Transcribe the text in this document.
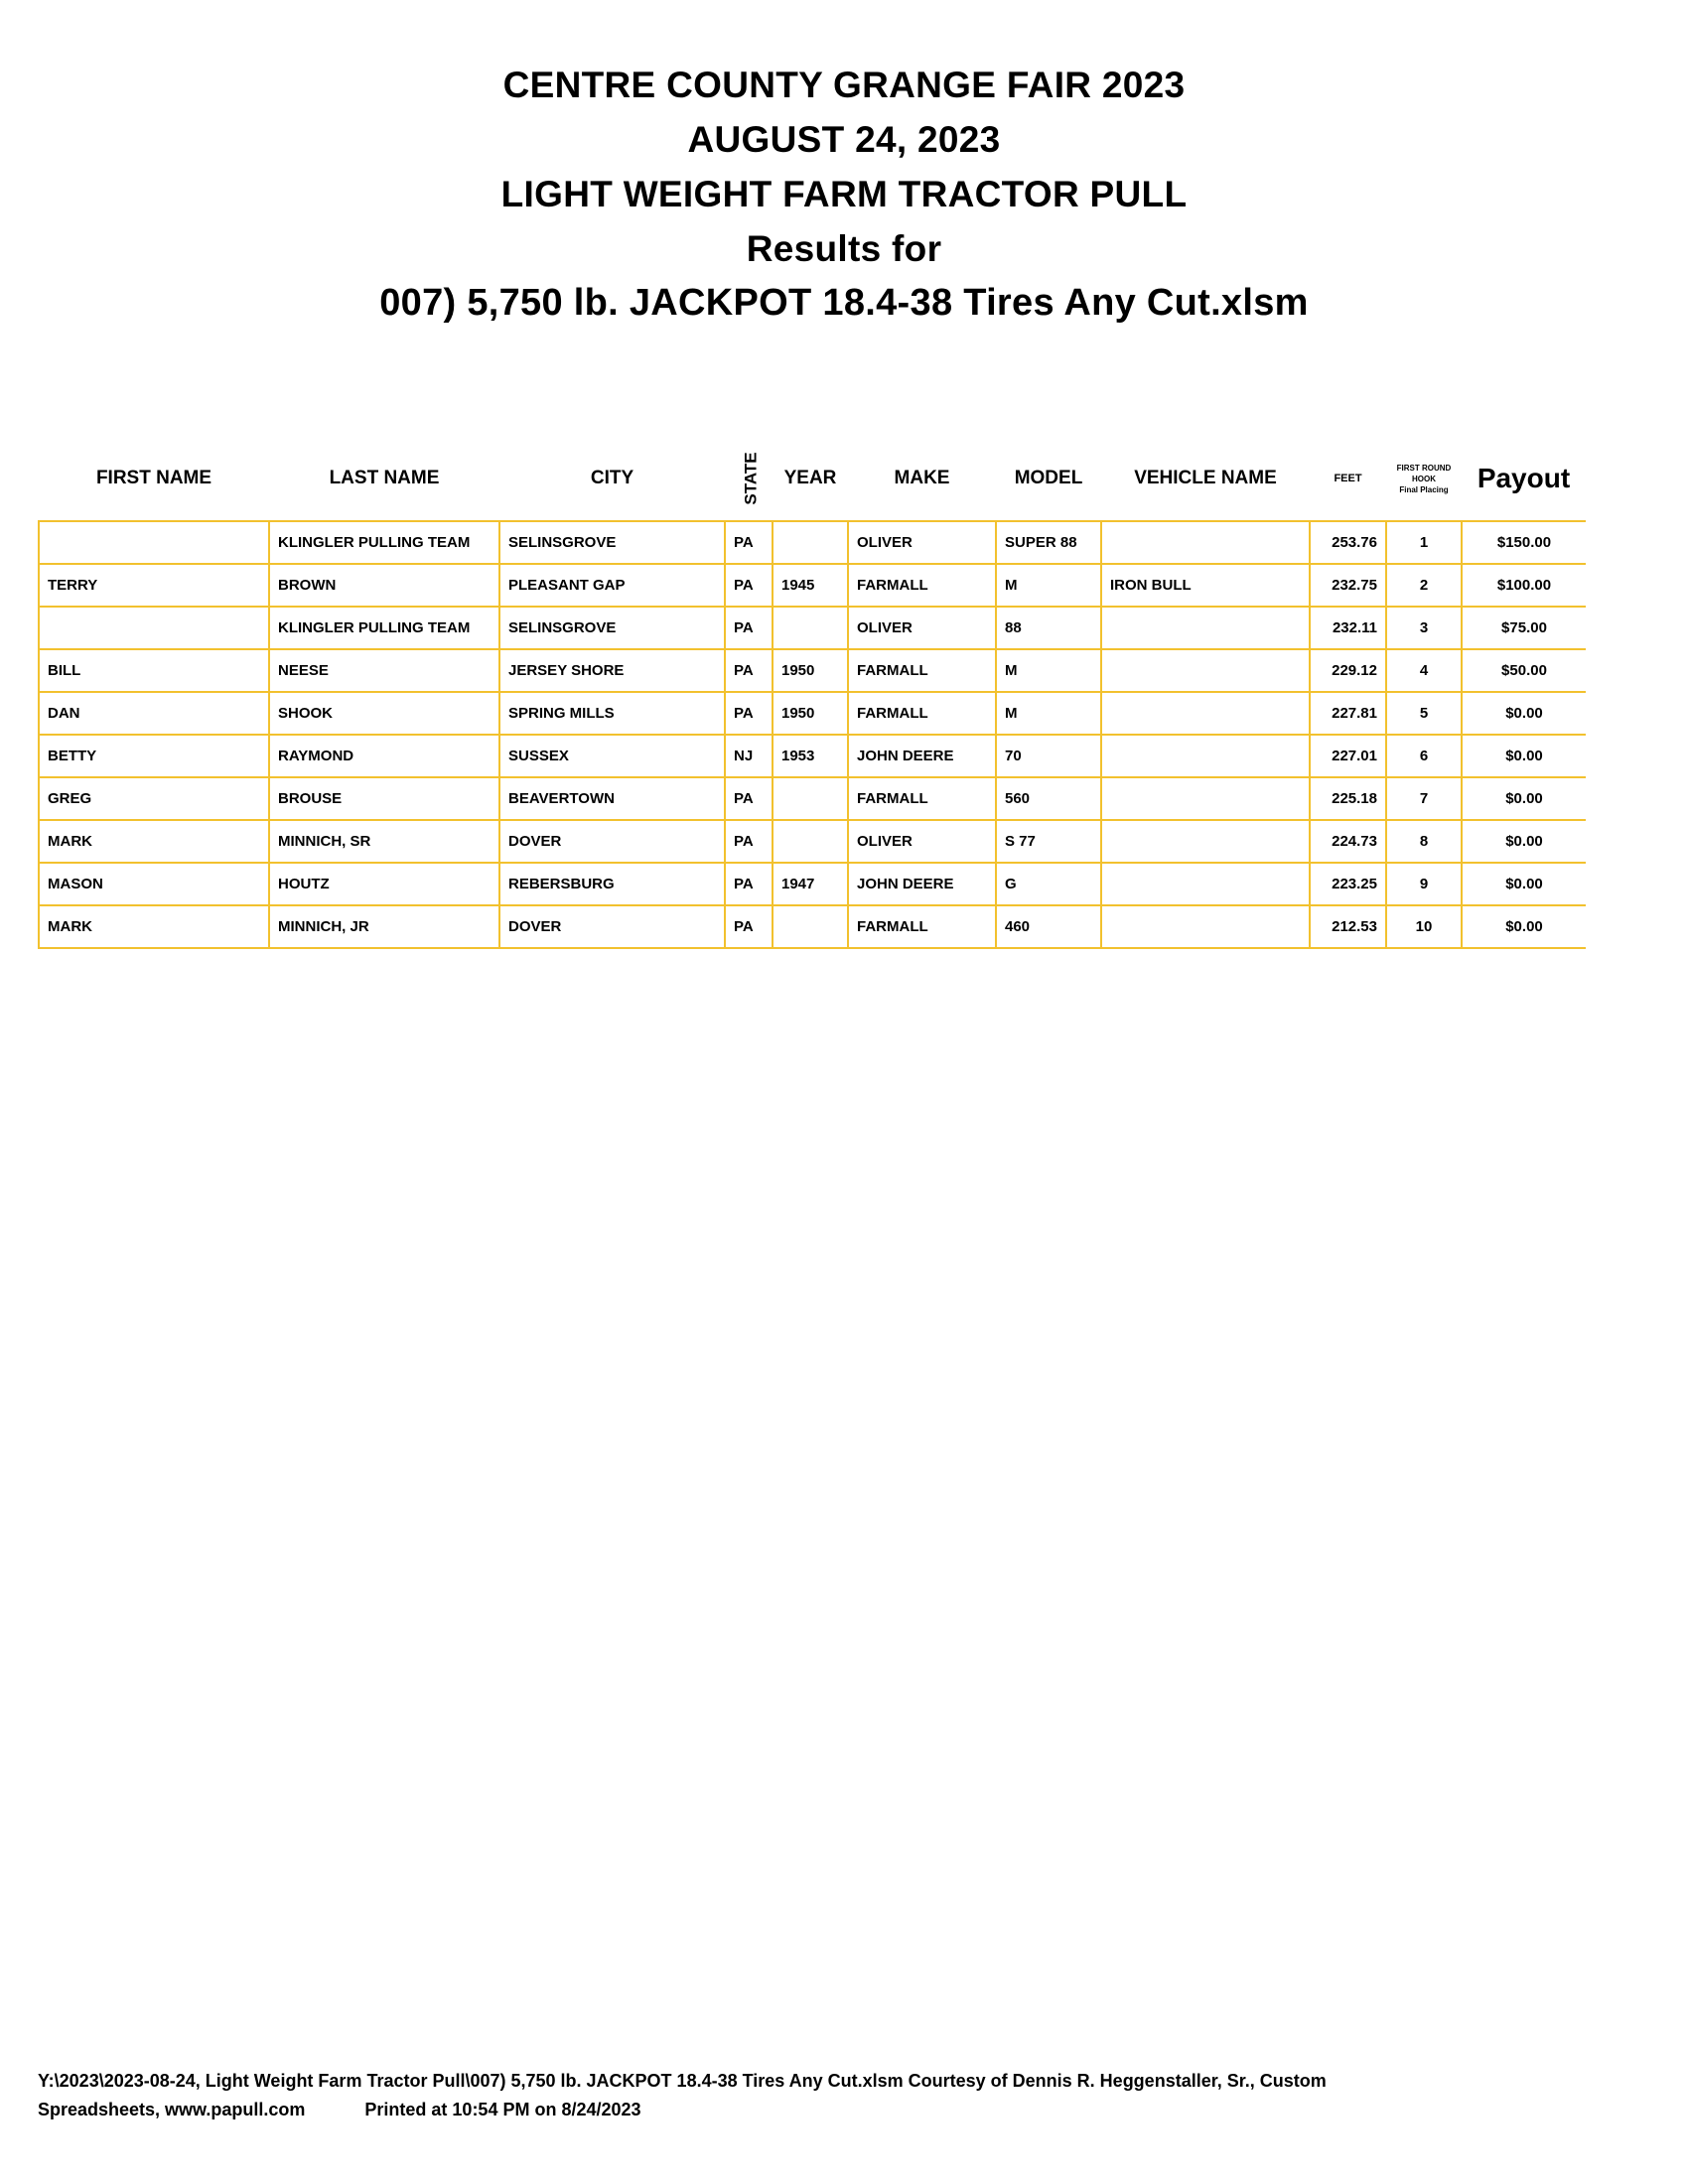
CENTRE COUNTY GRANGE FAIR 2023
AUGUST 24, 2023
LIGHT WEIGHT FARM TRACTOR PULL
Results for
007) 5,750 lb. JACKPOT 18.4-38 Tires Any Cut.xlsm
FIRST NAME	LAST NAME	CITY	STATE	YEAR	MAKE	MODEL	VEHICLE NAME	FEET	FIRST ROUND
HOOK
Final Placing	Payout
	KLINGLER PULLING TEAM	SELINSGROVE	PA		OLIVER	SUPER 88		253.76	1	$150.00
TERRY	BROWN	PLEASANT GAP	PA	1945	FARMALL	M	IRON BULL	232.75	2	$100.00
	KLINGLER PULLING TEAM	SELINSGROVE	PA		OLIVER	88		232.11	3	$75.00
BILL	NEESE	JERSEY SHORE	PA	1950	FARMALL	M		229.12	4	$50.00
DAN	SHOOK	SPRING MILLS	PA	1950	FARMALL	M		227.81	5	$0.00
BETTY	RAYMOND	SUSSEX	NJ	1953	JOHN DEERE	70		227.01	6	$0.00
GREG	BROUSE	BEAVERTOWN	PA		FARMALL	560		225.18	7	$0.00
MARK	MINNICH, SR	DOVER	PA		OLIVER	S 77		224.73	8	$0.00
MASON	HOUTZ	REBERSBURG	PA	1947	JOHN DEERE	G		223.25	9	$0.00
MARK	MINNICH, JR	DOVER	PA		FARMALL	460		212.53	10	$0.00
Y:\2023\2023-08-24, Light Weight Farm Tractor Pull\007) 5,750 lb. JACKPOT 18.4-38 Tires Any Cut.xlsm Courtesy of Dennis R. Heggenstaller, Sr., Custom
Spreadsheets, www.papull.com	Printed at 10:54 PM on 8/24/2023
